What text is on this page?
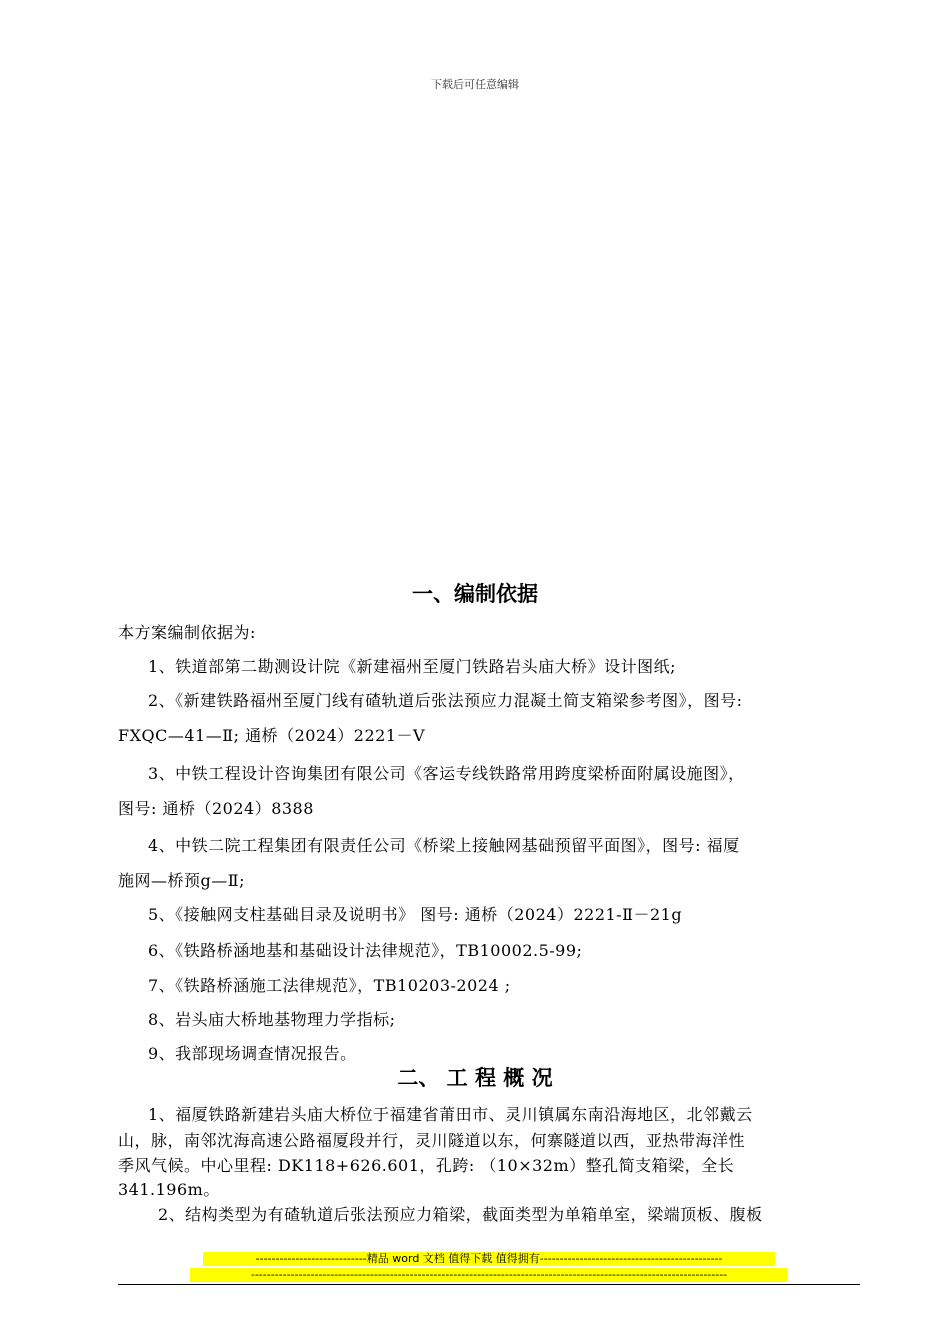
下载后可任意编辑
一、编制依据
本方案编制依据为:
1、铁道部第二勘测设计院《新建福州至厦门铁路岩头庙大桥》设计图纸;
2、《新建铁路福州至厦门线有碴轨道后张法预应力混凝土简支箱梁参考图》，图号:
FXQC—41—Ⅱ; 通桥（2024）2221－Ⅴ
3、中铁工程设计咨询集团有限公司《客运专线铁路常用跨度梁桥面附属设施图》，
图号: 通桥（2024）8388
4、中铁二院工程集团有限责任公司《桥梁上接触网基础预留平面图》，图号: 福厦
施网—桥预g—Ⅱ;
5、《接触网支柱基础目录及说明书》 图号: 通桥（2024）2221-Ⅱ－21g
6、《铁路桥涵地基和基础设计法律规范》，TB10002.5-99;
7、《铁路桥涵施工法律规范》，TB10203-2024 ;
8、岩头庙大桥地基物理力学指标;
9、我部现场调查情况报告。
二、 工 程 概 况
1、福厦铁路新建岩头庙大桥位于福建省莆田市、灵川镇属东南沿海地区，北邻戴云
山，脉，南邻沈海高速公路福厦段并行，灵川隧道以东，何寨隧道以西，亚热带海洋性
季风气候。中心里程: DK118+626.601，孔跨: （10×32m）整孔简支箱梁，全长
341.196m。
2、结构类型为有碴轨道后张法预应力箱梁，截面类型为单箱单室，梁端顶板、腹板
----------------------------精品 word 文档 值得下载 值得拥有----------------------------------------------
------------------------------------------------------------------------------------------------------------------------
